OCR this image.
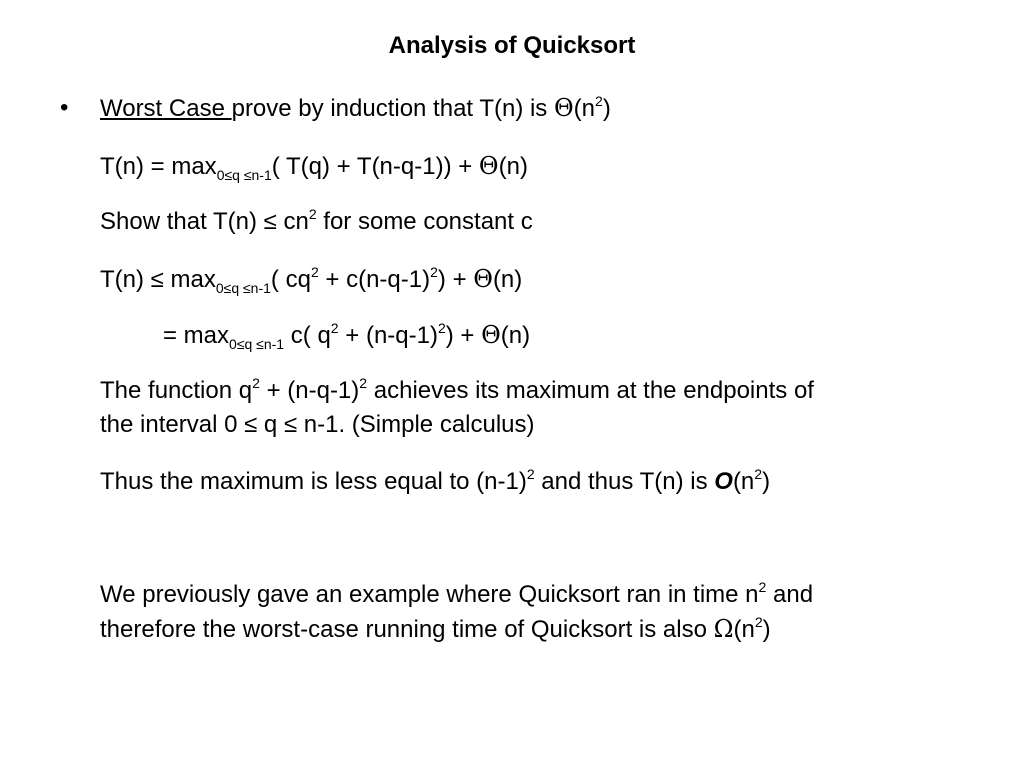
Analysis of Quicksort
• Worst Case prove by induction that T(n) is $\Theta(n^2)$
$T(n) = \max_{0\le q \le n-1}$( T(q) + T(n-q-1)) + Θ(n)
Show that $T(n) \le cn^2$ for some constant c
$T(n) \le \max_{0\le q \le n-1}$( $cq^2 + c(n-q-1)^2) + \Theta(n)$
= $\max_{0\le q \le n-1} c$( $q^2 + (n-q-1)^2) + \Theta(n)$
The function $q^2 + (n-q-1)^2$ achieves its maximum at the endpoints of
the interval 0 ≤ q ≤ n-1. (Simple calculus)
Thus the maximum is less equal to $(n-1)^2$ and thus T(n) is $O(n^2)$
We previously gave an example where Quicksort ran in time $n^2$ and
therefore the worst-case running time of Quicksort is also $\Omega(n^2)$
